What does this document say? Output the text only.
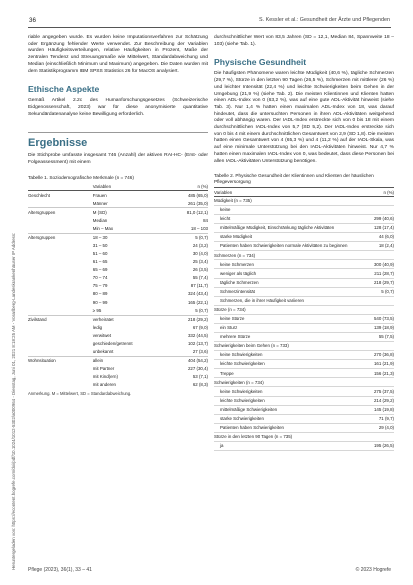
Heruntergeladen von: https://econtent.hogrefe.com/doi/pdf/10.1024/1012-5302/a000964 - Dienstag, Juni 01, 2021 8:18:25 AM - Vorarlberg-Landeskrankenhäuser IP Address:
36	S. Kessler et al.: Gesundheit der Ärzte und Pflegenden

riable angegeben wurde. Es wurden keine Imputationsverfahren zur Schätzung oder Ergänzung fehlender Werte verwendet. Zur Beschreibung der Variablen wurden Häufigkeitsverteilungen, relative Häufigkeiten in Prozent, Maße der zentralen Tendenz und Streuungsmaße wie Mittelwert, Standardabweichung und Median (einschließlich Minimum und Maximum) angegeben. Die Daten wurden mit dem Statistikprogramm IBM SPSS Statistics 26 für MacOS analysiert.

Ethische Aspekte

Gemäß Artikel 2.2c des Humanforschungsgesetzes (Schweizerische Eidgenossenschaft, 2023) war für diese anonymisierte quantitative Sekundärdatenanalyse keine Bewilligung erforderlich.

Ergebnisse

Die Stichprobe umfasste insgesamt 746 (Anzahl) der aktiven RAI-HC- (Erst- oder Folgeassessment) mit einem

Tabelle 1. Soziodemografische Merkmale (n = 746)
	Variablen	n (%)
Geschlecht	Frauen	485 (65,0)
	Männer	261 (35,0)
Altersgruppen	M (SD)	81,0 (12,1)
	Median	84
	Min – Max	18 – 103
Altersgruppen	18 – 30	5 (0,7)
	31 – 50	24 (3,2)
	51 – 60	30 (4,0)
	61 – 65	25 (3,4)
	65 – 69	26 (3,5)
	70 – 74	55 (7,4)
	75 – 79	87 (11,7)
	80 – 89	324 (43,4)
	90 – 99	165 (22,1)
	≥ 95	5 (0,7)
Zivilstand	verheiratet	218 (29,2)
	ledig	67 (9,0)
	verwitwet	332 (44,5)
	geschieden/getrennt	102 (13,7)
	unbekannt	27 (3,6)
Wohnsituation	allein	404 (54,2)
	mit Partner	227 (30,4)
	mit Kind(ern)	53 (7,1)
	mit anderen	62 (8,3)
Anmerkung. M = Mittelwert, SD = Standardabweichung.

durchschnittlicher Wert von 83,5 Jahren (SD = 12,1, Median 84, Spannweite 18 – 103) (siehe Tab. 1).

Physische Gesundheit

Die häufigsten Phänomene waren leichte Müdigkeit (40,6 %), tägliche Schmerzen (29,7 %), Stürze in den letzten 90 Tagen (26,5 %), Schmerzen mit mittlerer (26 %) und leichter Intensität (22,4 %) und leichte Schwierigkeiten beim Gehen in der Umgebung (21,9 %) (siehe Tab. 2). Die meisten Klientinnen und Klienten hatten einen ADL-Index von 0 (63,2 %), was auf eine gute ADL-Aktivität hinweist (siehe Tab. 3). Nur 1,4 % hatten einen maximalen ADL-Index von 18, was darauf hindeutet, dass die untersuchten Personen in ihren ADL-Aktivitäten weitgehend oder voll abhängig waren. Der IADL-Index erstreckte sich von 0 bis 18 mit einem durchschnittlichen IADL-Index von 5,7 (SD 5,2). Der IADL-Index erstreckte sich von 0 bis 4 mit einem durchschnittlichen Gesamtwert von 2,9 (SD 1,8). Die meisten hatten einen Gesamtwert von 4 (65,3 %) und 4 (11,2 %) auf der IADL-Skala, was auf eine minimale Unterstützung bei den IADL-Aktivitäten hinweist. Nur 4,7 % hatten einen maximalen IADL-Index von 0, was bedeutet, dass diese Personen bei allen IADL-Aktivitäten Unterstützung benötigen.

Tabelle 2. Physische Gesundheit der Klientinnen und Klienten der häuslichen Pflegeversorgung
Variablen	n (%)
Müdigkeit (n = 735)	
keine	
leicht	299 (40,6)
mittelmäßige Müdigkeit, Einschränkung tägliche Aktivitäten	128 (17,4)
starke Müdigkeit	44 (6,0)
Patienten haben Schwierigkeiten normale Aktivitäten zu beginnen	18 (2,4)
Schmerzen (n = 734)	
keine Schmerzen	300 (40,9)
weniger als täglich	211 (28,7)
tägliche Schmerzen	218 (29,7)
Schmerzintensität	5 (0,7)
Schmerzen, die in ihrer Häufigkeit variieren	
Stürze (n = 734)	
keine Stürze	540 (73,5)
ein Sturz	139 (18,9)
mehrere Stürze	55 (7,5)
Schwierigkeiten beim Gehen (n = 733)	
keine Schwierigkeiten	270 (36,8)
leichte Schwierigkeiten	161 (21,9)
Treppe	156 (21,3)
Schwierigkeiten (n = 734)	
keine Schwierigkeiten	275 (37,5)
leichte Schwierigkeiten	214 (29,2)
mittelmäßige Schwierigkeiten	145 (19,8)
starke Schwierigkeiten	71 (9,7)
Patienten haben Schwierigkeiten	29 (4,0)
Stürze in den letzten 90 Tagen (n = 735)	
ja	195 (26,5)
Pflege (2023), 36(1), 33 – 41	© 2023 Hogrefe
